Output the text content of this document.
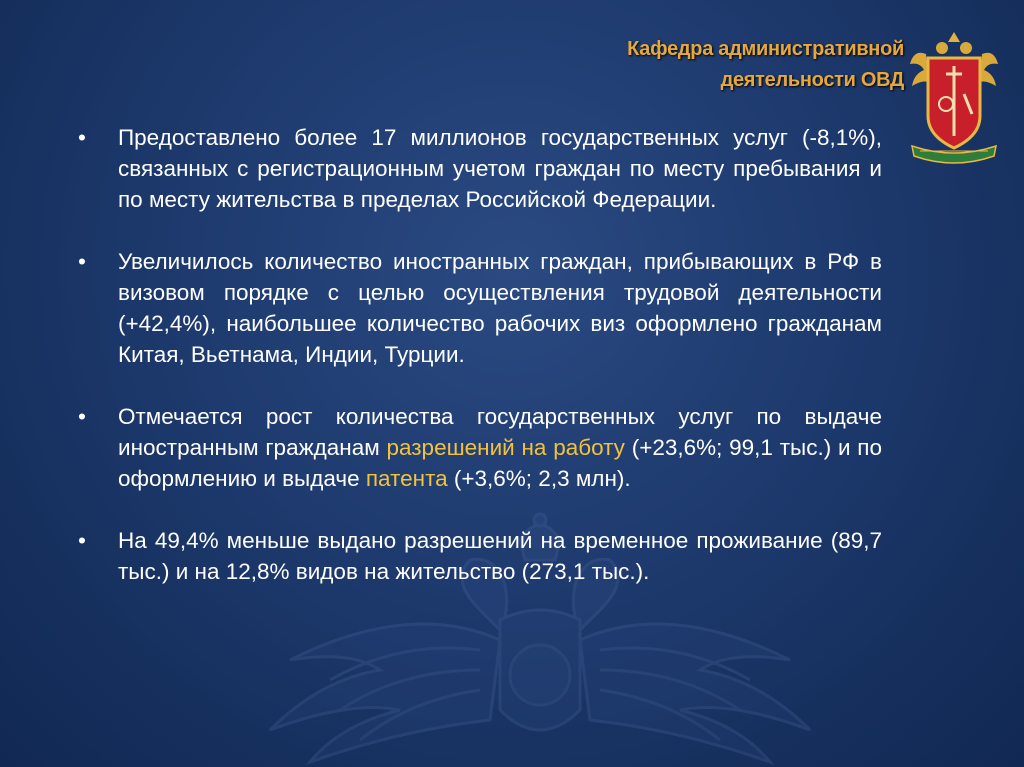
Кафедра административной
деятельности ОВД
• Предоставлено более 17 миллионов государственных услуг (-8,1%), связанных с регистрационным учетом граждан по месту пребывания и по месту жительства в пределах Российской Федерации.
• Увеличилось количество иностранных граждан, прибывающих в РФ в визовом порядке с целью осуществления трудовой деятельности (+42,4%), наибольшее количество рабочих виз оформлено гражданам Китая, Вьетнама, Индии, Турции.
• Отмечается рост количества государственных услуг по выдаче иностранным гражданам разрешений на работу (+23,6%; 99,1 тыс.) и по оформлению и выдаче патента (+3,6%; 2,3 млн).
• На 49,4% меньше выдано разрешений на временное проживание (89,7 тыс.) и на 12,8% видов на жительство (273,1 тыс.).
